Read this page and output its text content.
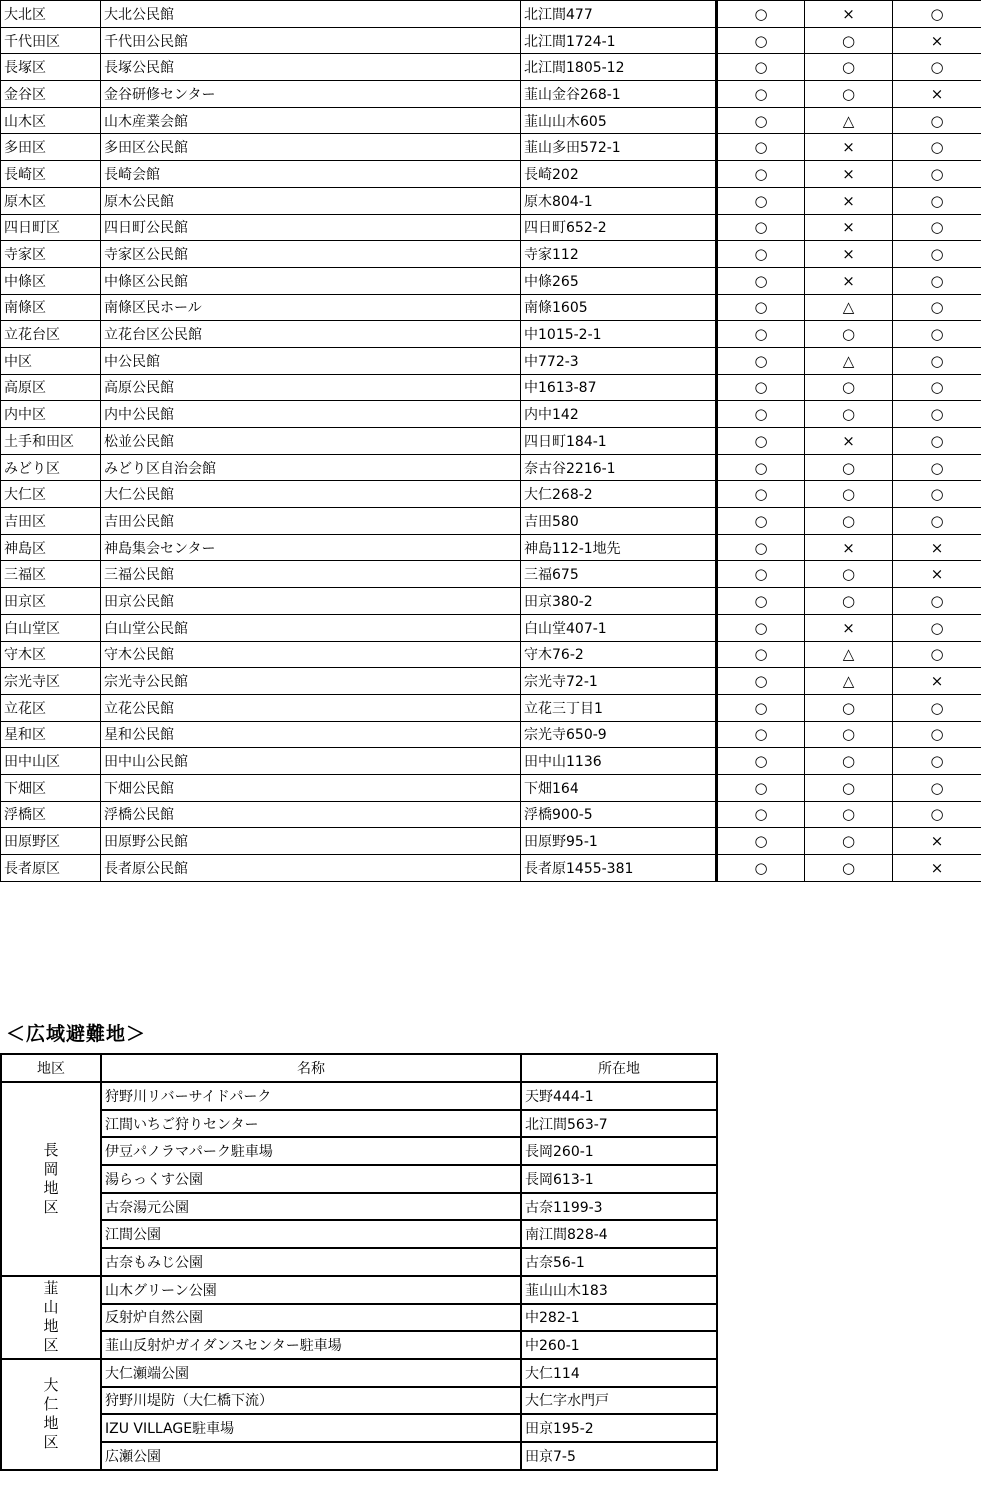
大北区	大北公民館	北江間477	○	×	○
千代田区	千代田公民館	北江間1724-1	○	○	×
長塚区	長塚公民館	北江間1805-12	○	○	○
金谷区	金谷研修センター	韮山金谷268-1	○	○	×
山木区	山木産業会館	韮山山木605	○	△	○
多田区	多田区公民館	韮山多田572-1	○	×	○
長崎区	長崎会館	長崎202	○	×	○
原木区	原木公民館	原木804-1	○	×	○
四日町区	四日町公民館	四日町652-2	○	×	○
寺家区	寺家区公民館	寺家112	○	×	○
中條区	中條区公民館	中條265	○	×	○
南條区	南條区民ホール	南條1605	○	△	○
立花台区	立花台区公民館	中1015-2-1	○	○	○
中区	中公民館	中772-3	○	△	○
高原区	高原公民館	中1613-87	○	○	○
内中区	内中公民館	内中142	○	○	○
土手和田区	松並公民館	四日町184-1	○	×	○
みどり区	みどり区自治会館	奈古谷2216-1	○	○	○
大仁区	大仁公民館	大仁268-2	○	○	○
吉田区	吉田公民館	吉田580	○	○	○
神島区	神島集会センター	神島112-1地先	○	×	×
三福区	三福公民館	三福675	○	○	×
田京区	田京公民館	田京380-2	○	○	○
白山堂区	白山堂公民館	白山堂407-1	○	×	○
守木区	守木公民館	守木76-2	○	△	○
宗光寺区	宗光寺公民館	宗光寺72-1	○	△	×
立花区	立花公民館	立花三丁目1	○	○	○
星和区	星和公民館	宗光寺650-9	○	○	○
田中山区	田中山公民館	田中山1136	○	○	○
下畑区	下畑公民館	下畑164	○	○	○
浮橋区	浮橋公民館	浮橋900-5	○	○	○
田原野区	田原野公民館	田原野95-1	○	○	×
長者原区	長者原公民館	長者原1455-381	○	○	×
＜広域避難地＞
地区	名称	所在地
長岡地区	狩野川リバーサイドパーク	天野444-1
	江間いちご狩りセンター	北江間563-7
	伊豆パノラマパーク駐車場	長岡260-1
	湯らっくす公園	長岡613-1
	古奈湯元公園	古奈1199-3
	江間公園	南江間828-4
	古奈もみじ公園	古奈56-1
韮山地区	山木グリーン公園	韮山山木183
	反射炉自然公園	中282-1
	韮山反射炉ガイダンスセンター駐車場	中260-1
大仁地区	大仁瀬端公園	大仁114
	狩野川堤防（大仁橋下流）	大仁字水門戸
	IZU VILLAGE駐車場	田京195-2
	広瀬公園	田京7-5
